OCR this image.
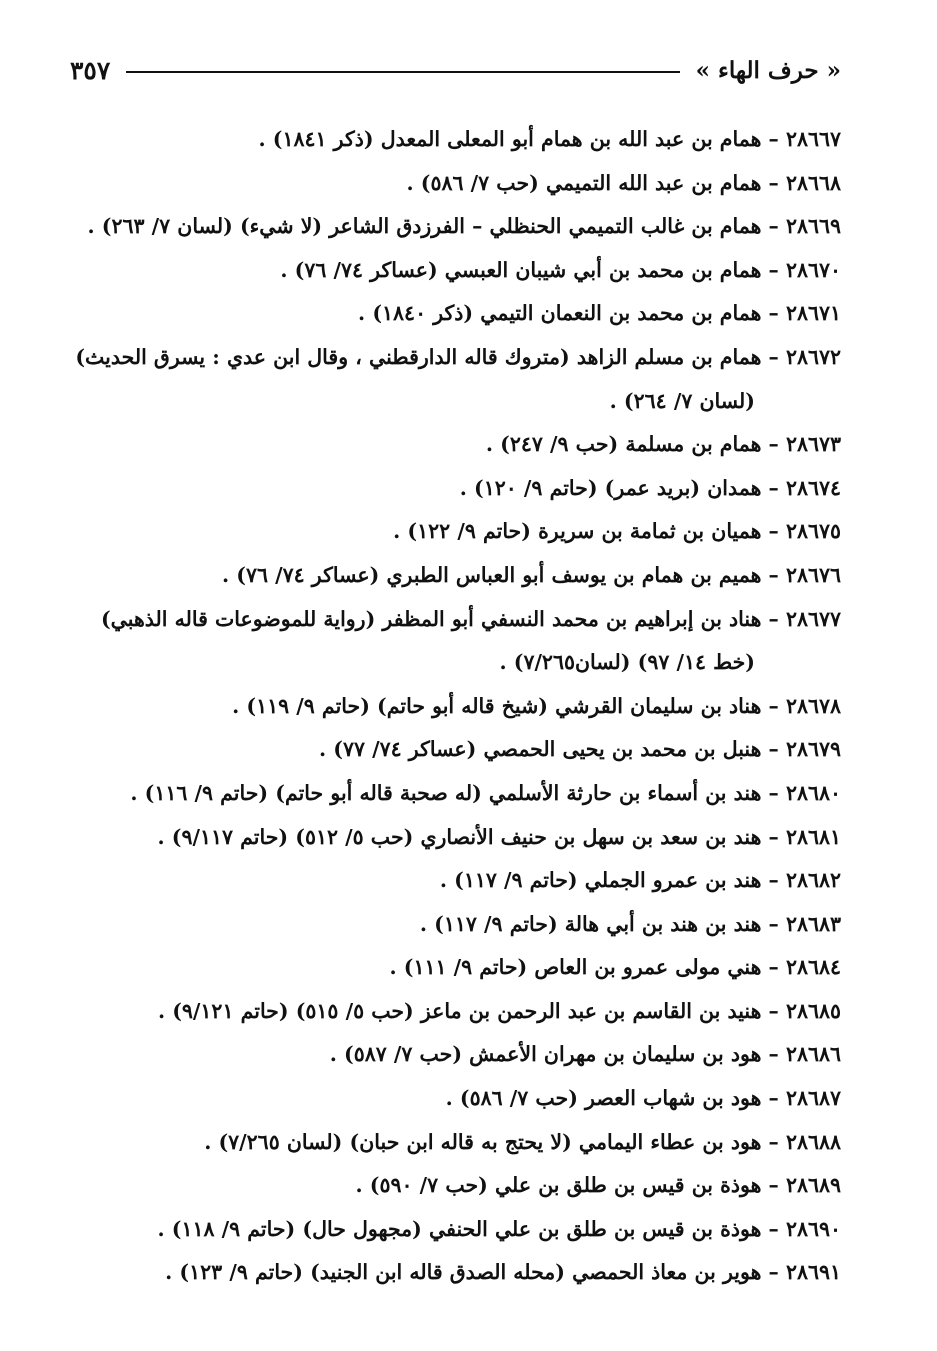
« حرف الهاء »
٣٥٧
٢٨٦٦٧ – همام بن عبد الله بن همام أبو المعلى المعدل (ذكر ١٨٤١) .
٢٨٦٦٨ – همام بن عبد الله التميمي (حب ٧/ ٥٨٦) .
٢٨٦٦٩ – همام بن غالب التميمي الحنظلي – الفرزدق الشاعر (لا شيء) (لسان ٧/ ٢٦٣) .
٢٨٦٧٠ – همام بن محمد بن أبي شيبان العبسي (عساكر ٧٤/ ٧٦) .
٢٨٦٧١ – همام بن محمد بن النعمان التيمي (ذكر ١٨٤٠) .
٢٨٦٧٢ – همام بن مسلم الزاهد (متروك قاله الدارقطني ، وقال ابن عدي : يسرق الحديث) (لسان ٧/ ٢٦٤) .
٢٨٦٧٣ – همام بن مسلمة (حب ٩/ ٢٤٧) .
٢٨٦٧٤ – همدان (بريد عمر) (حاتم ٩/ ١٢٠) .
٢٨٦٧٥ – هميان بن ثمامة بن سريرة (حاتم ٩/ ١٢٢) .
٢٨٦٧٦ – هميم بن همام بن يوسف أبو العباس الطبري (عساكر ٧٤/ ٧٦) .
٢٨٦٧٧ – هناد بن إبراهيم بن محمد النسفي أبو المظفر (رواية للموضوعات قاله الذهبي) (خط ١٤/ ٩٧) (لسان٧/٢٦٥) .
٢٨٦٧٨ – هناد بن سليمان القرشي (شيخ قاله أبو حاتم) (حاتم ٩/ ١١٩) .
٢٨٦٧٩ – هنبل بن محمد بن يحيى الحمصي (عساكر ٧٤/ ٧٧) .
٢٨٦٨٠ – هند بن أسماء بن حارثة الأسلمي (له صحبة قاله أبو حاتم) (حاتم ٩/ ١١٦) .
٢٨٦٨١ – هند بن سعد بن سهل بن حنيف الأنصاري (حب ٥/ ٥١٢) (حاتم ٩/١١٧) .
٢٨٦٨٢ – هند بن عمرو الجملي (حاتم ٩/ ١١٧) .
٢٨٦٨٣ – هند بن هند بن أبي هالة (حاتم ٩/ ١١٧) .
٢٨٦٨٤ – هني مولى عمرو بن العاص (حاتم ٩/ ١١١) .
٢٨٦٨٥ – هنيد بن القاسم بن عبد الرحمن بن ماعز (حب ٥/ ٥١٥) (حاتم ٩/١٢١) .
٢٨٦٨٦ – هود بن سليمان بن مهران الأعمش (حب ٧/ ٥٨٧) .
٢٨٦٨٧ – هود بن شهاب العصر (حب ٧/ ٥٨٦) .
٢٨٦٨٨ – هود بن عطاء اليمامي (لا يحتج به قاله ابن حبان) (لسان ٧/٢٦٥) .
٢٨٦٨٩ – هوذة بن قيس بن طلق بن علي (حب ٧/ ٥٩٠) .
٢٨٦٩٠ – هوذة بن قيس بن طلق بن علي الحنفي (مجهول حال) (حاتم ٩/ ١١٨) .
٢٨٦٩١ – هوير بن معاذ الحمصي (محله الصدق قاله ابن الجنيد) (حاتم ٩/ ١٢٣) .
